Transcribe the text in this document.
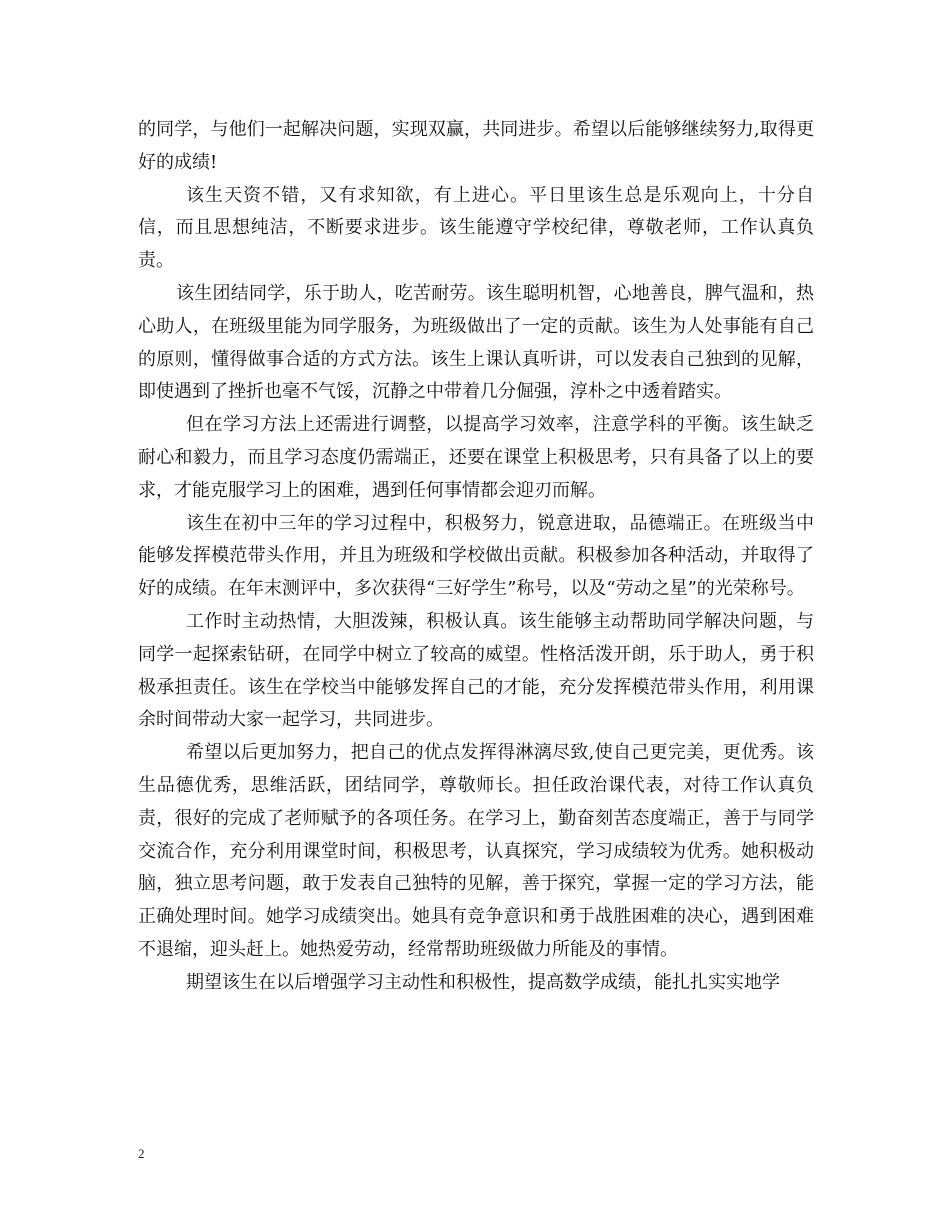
的同学，与他们一起解决问题，实现双赢，共同进步。希望以后能够继续努力,取得更好的成绩!

该生天资不错，又有求知欲，有上进心。平日里该生总是乐观向上，十分自信，而且思想纯洁，不断要求进步。该生能遵守学校纪律，尊敬老师，工作认真负责。

该生团结同学，乐于助人，吃苦耐劳。该生聪明机智，心地善良，脾气温和，热心助人，在班级里能为同学服务，为班级做出了一定的贡献。该生为人处事能有自己的原则，懂得做事合适的方式方法。该生上课认真听讲，可以发表自己独到的见解，即使遇到了挫折也毫不气馁，沉静之中带着几分倔强，淳朴之中透着踏实。

但在学习方法上还需进行调整，以提高学习效率，注意学科的平衡。该生缺乏耐心和毅力，而且学习态度仍需端正，还要在课堂上积极思考，只有具备了以上的要求，才能克服学习上的困难，遇到任何事情都会迎刃而解。

该生在初中三年的学习过程中，积极努力，锐意进取，品德端正。在班级当中能够发挥模范带头作用，并且为班级和学校做出贡献。积极参加各种活动，并取得了好的成绩。在年末测评中，多次获得“三好学生”称号，以及“劳动之星”的光荣称号。

工作时主动热情，大胆泼辣，积极认真。该生能够主动帮助同学解决问题，与同学一起探索钻研，在同学中树立了较高的威望。性格活泼开朗，乐于助人，勇于积极承担责任。该生在学校当中能够发挥自己的才能，充分发挥模范带头作用，利用课余时间带动大家一起学习，共同进步。

希望以后更加努力，把自己的优点发挥得淋漓尽致,使自己更完美，更优秀。该生品德优秀，思维活跃，团结同学，尊敬师长。担任政治课代表，对待工作认真负责，很好的完成了老师赋予的各项任务。在学习上，勤奋刻苦态度端正，善于与同学交流合作，充分利用课堂时间，积极思考，认真探究，学习成绩较为优秀。她积极动脑，独立思考问题，敢于发表自己独特的见解，善于探究，掌握一定的学习方法，能正确处理时间。她学习成绩突出。她具有竞争意识和勇于战胜困难的决心，遇到困难不退缩，迎头赶上。她热爱劳动，经常帮助班级做力所能及的事情。

期望该生在以后增强学习主动性和积极性，提高数学成绩，能扎扎实实地学

2
